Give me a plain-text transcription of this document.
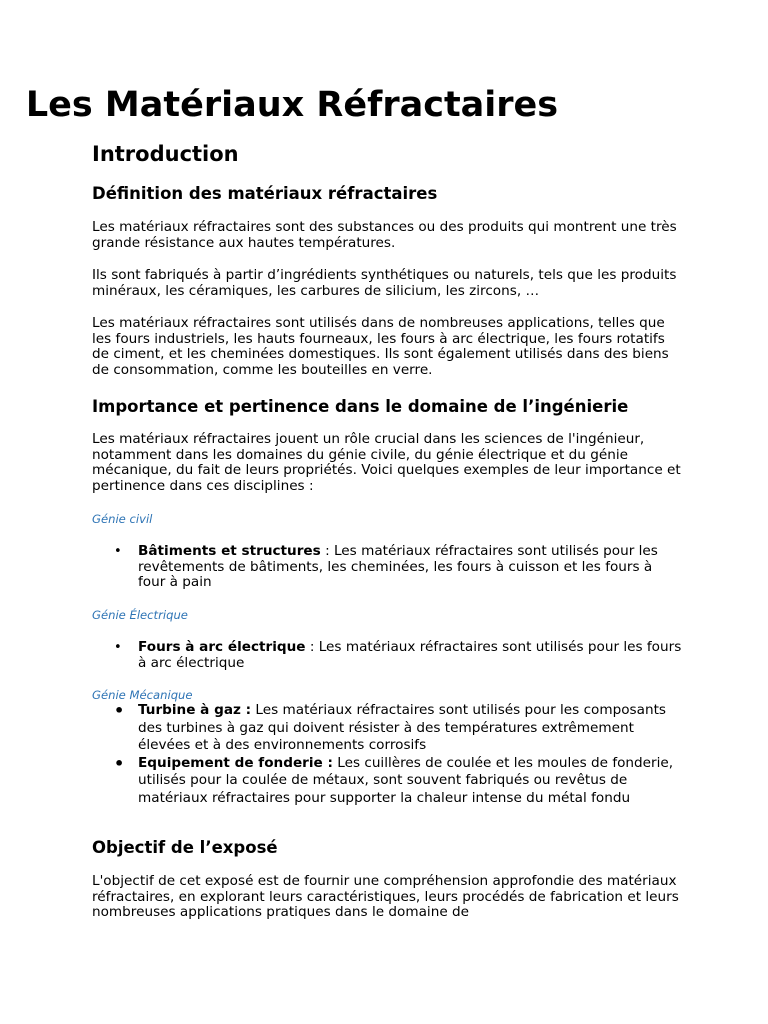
Les Matériaux Réfractaires
Introduction
Définition des matériaux réfractaires

Les matériaux réfractaires sont des substances ou des produits qui montrent une très grande résistance aux hautes températures.

Ils sont fabriqués à partir d’ingrédients synthétiques ou naturels, tels que les produits minéraux, les céramiques, les carbures de silicium, les zircons, …

Les matériaux réfractaires sont utilisés dans de nombreuses applications, telles que les fours industriels, les hauts fourneaux, les fours à arc électrique, les fours rotatifs de ciment, et les cheminées domestiques. Ils sont également utilisés dans des biens de consommation, comme les bouteilles en verre.

Importance et pertinence dans le domaine de l’ingénierie

Les matériaux réfractaires jouent un rôle crucial dans les sciences de l'ingénieur, notamment dans les domaines du génie civile, du génie électrique et du génie mécanique, du fait de leurs propriétés. Voici quelques exemples de leur importance et pertinence dans ces disciplines :

Génie civil
• Bâtiments et structures : Les matériaux réfractaires sont utilisés pour les revêtements de bâtiments, les cheminées, les fours à cuisson et les fours à four à pain
Génie Électrique
• Fours à arc électrique : Les matériaux réfractaires sont utilisés pour les fours à arc électrique
Génie Mécanique
• Turbine à gaz : Les matériaux réfractaires sont utilisés pour les composants des turbines à gaz qui doivent résister à des températures extrêmement élevées et à des environnements corrosifs
• Equipement de fonderie : Les cuillères de coulée et les moules de fonderie, utilisés pour la coulée de métaux, sont souvent fabriqués ou revêtus de matériaux réfractaires pour supporter la chaleur intense du métal fondu
Objectif de l’exposé

L'objectif de cet exposé est de fournir une compréhension approfondie des matériaux réfractaires, en explorant leurs caractéristiques, leurs procédés de fabrication et leurs nombreuses applications pratiques dans le domaine de
